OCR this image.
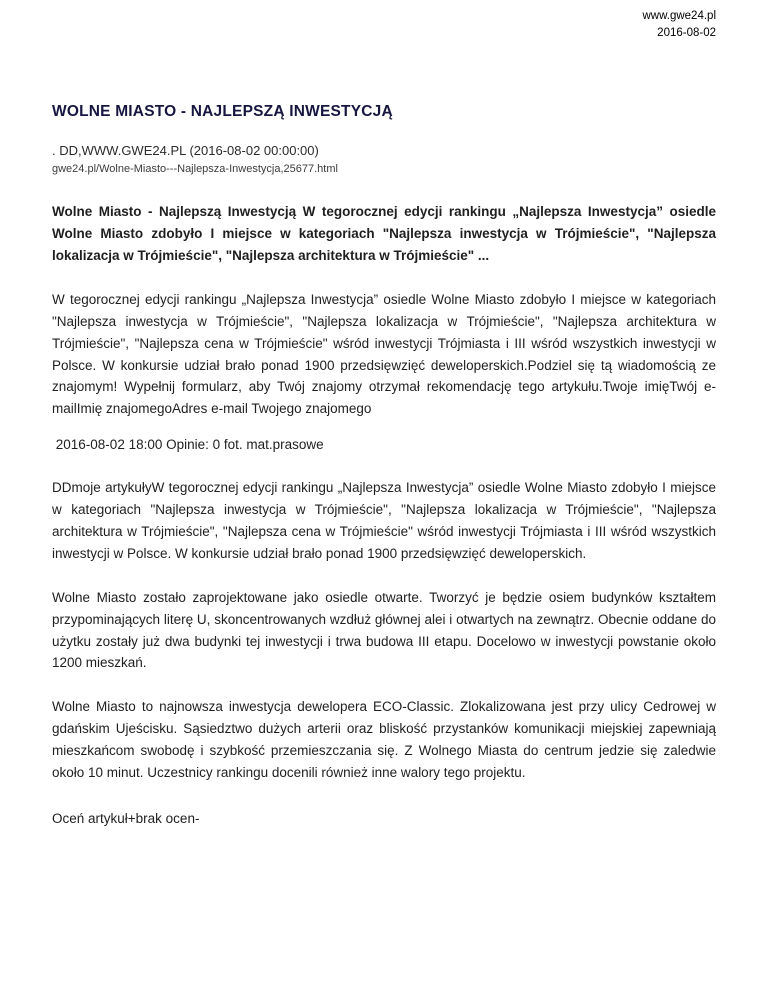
www.gwe24.pl
2016-08-02
WOLNE MIASTO - NAJLEPSZĄ INWESTYCJĄ
. DD,WWW.GWE24.PL (2016-08-02 00:00:00)
gwe24.pl/Wolne-Miasto---Najlepsza-Inwestycja,25677.html

Wolne Miasto - Najlepszą Inwestycją W tegorocznej edycji rankingu „Najlepsza Inwestycja” osiedle Wolne Miasto zdobyło I miejsce w kategoriach "Najlepsza inwestycja w Trójmieście", "Najlepsza lokalizacja w Trójmieście", "Najlepsza architektura w Trójmieście" ...

W tegorocznej edycji rankingu „Najlepsza Inwestycja” osiedle Wolne Miasto zdobyło I miejsce w kategoriach "Najlepsza inwestycja w Trójmieście", "Najlepsza lokalizacja w Trójmieście", "Najlepsza architektura w Trójmieście", "Najlepsza cena w Trójmieście" wśród inwestycji Trójmiasta i III wśród wszystkich inwestycji w Polsce. W konkursie udział brało ponad 1900 przedsięwzięć deweloperskich.Podziel się tą wiadomością ze znajomym! Wypełnij formularz, aby Twój znajomy otrzymał rekomendację tego artykułu.Twoje imięTwój e-mailImię znajomegoAdres e-mail Twojego znajomego

2016-08-02 18:00 Opinie: 0 fot. mat.prasowe

DDmoje artykułyW tegorocznej edycji rankingu „Najlepsza Inwestycja” osiedle Wolne Miasto zdobyło I miejsce w kategoriach "Najlepsza inwestycja w Trójmieście", "Najlepsza lokalizacja w Trójmieście", "Najlepsza architektura w Trójmieście", "Najlepsza cena w Trójmieście" wśród inwestycji Trójmiasta i III wśród wszystkich inwestycji w Polsce. W konkursie udział brało ponad 1900 przedsięwzięć deweloperskich.

Wolne Miasto zostało zaprojektowane jako osiedle otwarte. Tworzyć je będzie osiem budynków kształtem przypominających literę U, skoncentrowanych wzdłuż głównej alei i otwartych na zewnątrz. Obecnie oddane do użytku zostały już dwa budynki tej inwestycji i trwa budowa III etapu. Docelowo w inwestycji powstanie około 1200 mieszkań.

Wolne Miasto to najnowsza inwestycja dewelopera ECO-Classic. Zlokalizowana jest przy ulicy Cedrowej w gdańskim Ujeścisku. Sąsiedztwo dużych arterii oraz bliskość przystanków komunikacji miejskiej zapewniają mieszkańcom swobodę i szybkość przemieszczania się. Z Wolnego Miasta do centrum jedzie się zaledwie około 10 minut. Uczestnicy rankingu docenili również inne walory tego projektu.

Oceń artykuł+brak ocen-
